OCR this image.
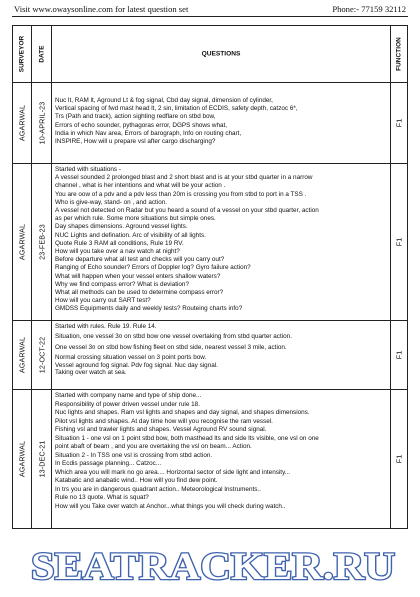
Visit www.owaysonline.com for latest question set	Phone:- 77159 32112
SURVEYOR DATE	QUESTIONS	FUNCTION
AGARWAL 10-APRIL-23
Nuc lt, RAM lt, Aground Lt & fog signal, Cbd day signal, dimension of cylinder,
Vertical spacing of fwd mast head lt, 2 sin, limitation of ECDIS, safety depth, catzoc 6*,
Trs (Path and track), action sighting redflare on stbd bow,
Errors of echo sounder, pythagoras error, DGPS shows what,
India in which Nav area, Errors of barograph, Info on routing chart,
INSPIRE, How will u prepare vsl after cargo discharging?
F1
AGARWAL 23-FEB-23
Started with situations -
A vessel sounded 2 prolonged blast and 2 short blast and is at your stbd quarter in a narrow
channel , what is her intentions and what will be your action .
You are oow of a pdv and a pdv less than 20m is crossing you from stbd to port in a TSS .
Who is give-way, stand- on , and action.
A vessel not detected on Radar but you heard a sound of a vessel on your stbd quarter, action
as per which rule. Some more situations but simple ones.
Day shapes dimensions. Aground vessel lights.
NUC Lights and defination. Arc of visibility of all lights.
Quote Rule 3 RAM all conditions, Rule 19 RV.
How will you take over a nav watch at night?
Before departure what all test and checks will you carry out?
Ranging of Echo sounder? Errors of Doppler log? Gyro failure action?
What will happen when your vessel enters shallow waters?
Why we find compass error? What is deviation?
What all methods can be used to determine compass error?
How will you carry out SART test?
GMDSS Equipments daily and weekly tests? Routeing charts info?
F1
AGARWAL 12-OCT-22
Started with rules. Rule 19. Rule 14.
Situation, one vessel 3¤ on stbd bow one vessel overtaking from stbd quarter action.
One vessel 3¤ on stbd bow fishing fleet on stbd side, nearest vessel 3 mile, action.
Normal crossing situation vessel on 3 point ports bow.
Vessel aground fog signal. Pdv fog signal. Nuc day signal.
Taking over watch at sea.
F1
AGARWAL 13-DEC-21
Started with company name and type of ship done...
Responsibility of power driven vessel under rule 18.
Nuc lights and shapes. Ram vsl lights and shapes and day signal, and shapes dimensions.
Pilot vsl lights and shapes. At day time how will you recognise the ram vessel.
Fishing vsl and trawler lights and shapes. Vessel Aground RV sound signal.
Situation 1 - one vsl on 1 point stbd bow, both masthead lts and side lts visible, one vsl on one
point abaft of beam , and you are overtaking the vsl on beam... Action.
Situation 2 - In TSS one vsl is crossing from stbd action.
In Ecdis passage planning... Catzoc...
Which area you will mark no go area.... Horizontal sector of side light and intensity...
Katabatic and anabatic wind.. How will you find dew point.
In trs you are in dangerous quadrant action.. Meteorological Instruments..
Rule no 13 quote. What is squat?
How will you Take over watch at Anchor...what things you will check during watch..
F1
SEATRACKER.RU
